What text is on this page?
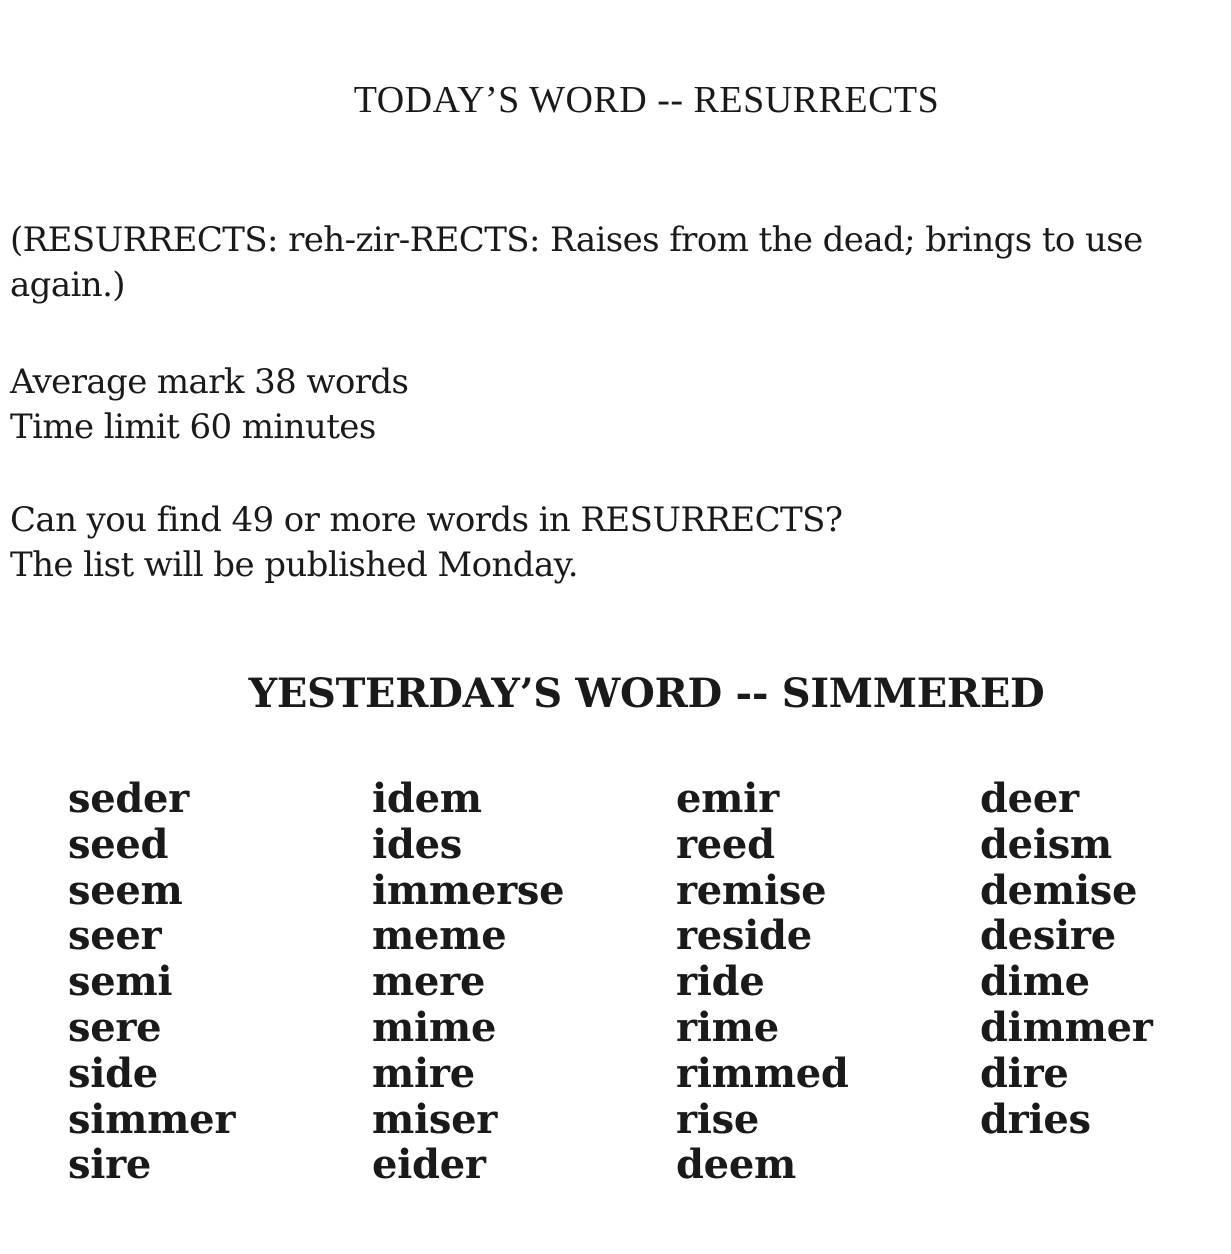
TODAY’S WORD -- RESURRECTS
(RESURRECTS: reh-zir-RECTS: Raises from the dead; brings to use
again.)
Average mark 38 words
Time limit 60 minutes
Can you find 49 or more words in RESURRECTS?
The list will be published Monday.
YESTERDAY’S WORD -- SIMMERED
seder
seed
seem
seer
semi
sere
side
simmer
sire
idem
ides
immerse
meme
mere
mime
mire
miser
eider
emir
reed
remise
reside
ride
rime
rimmed
rise
deem
deer
deism
demise
desire
dime
dimmer
dire
dries
